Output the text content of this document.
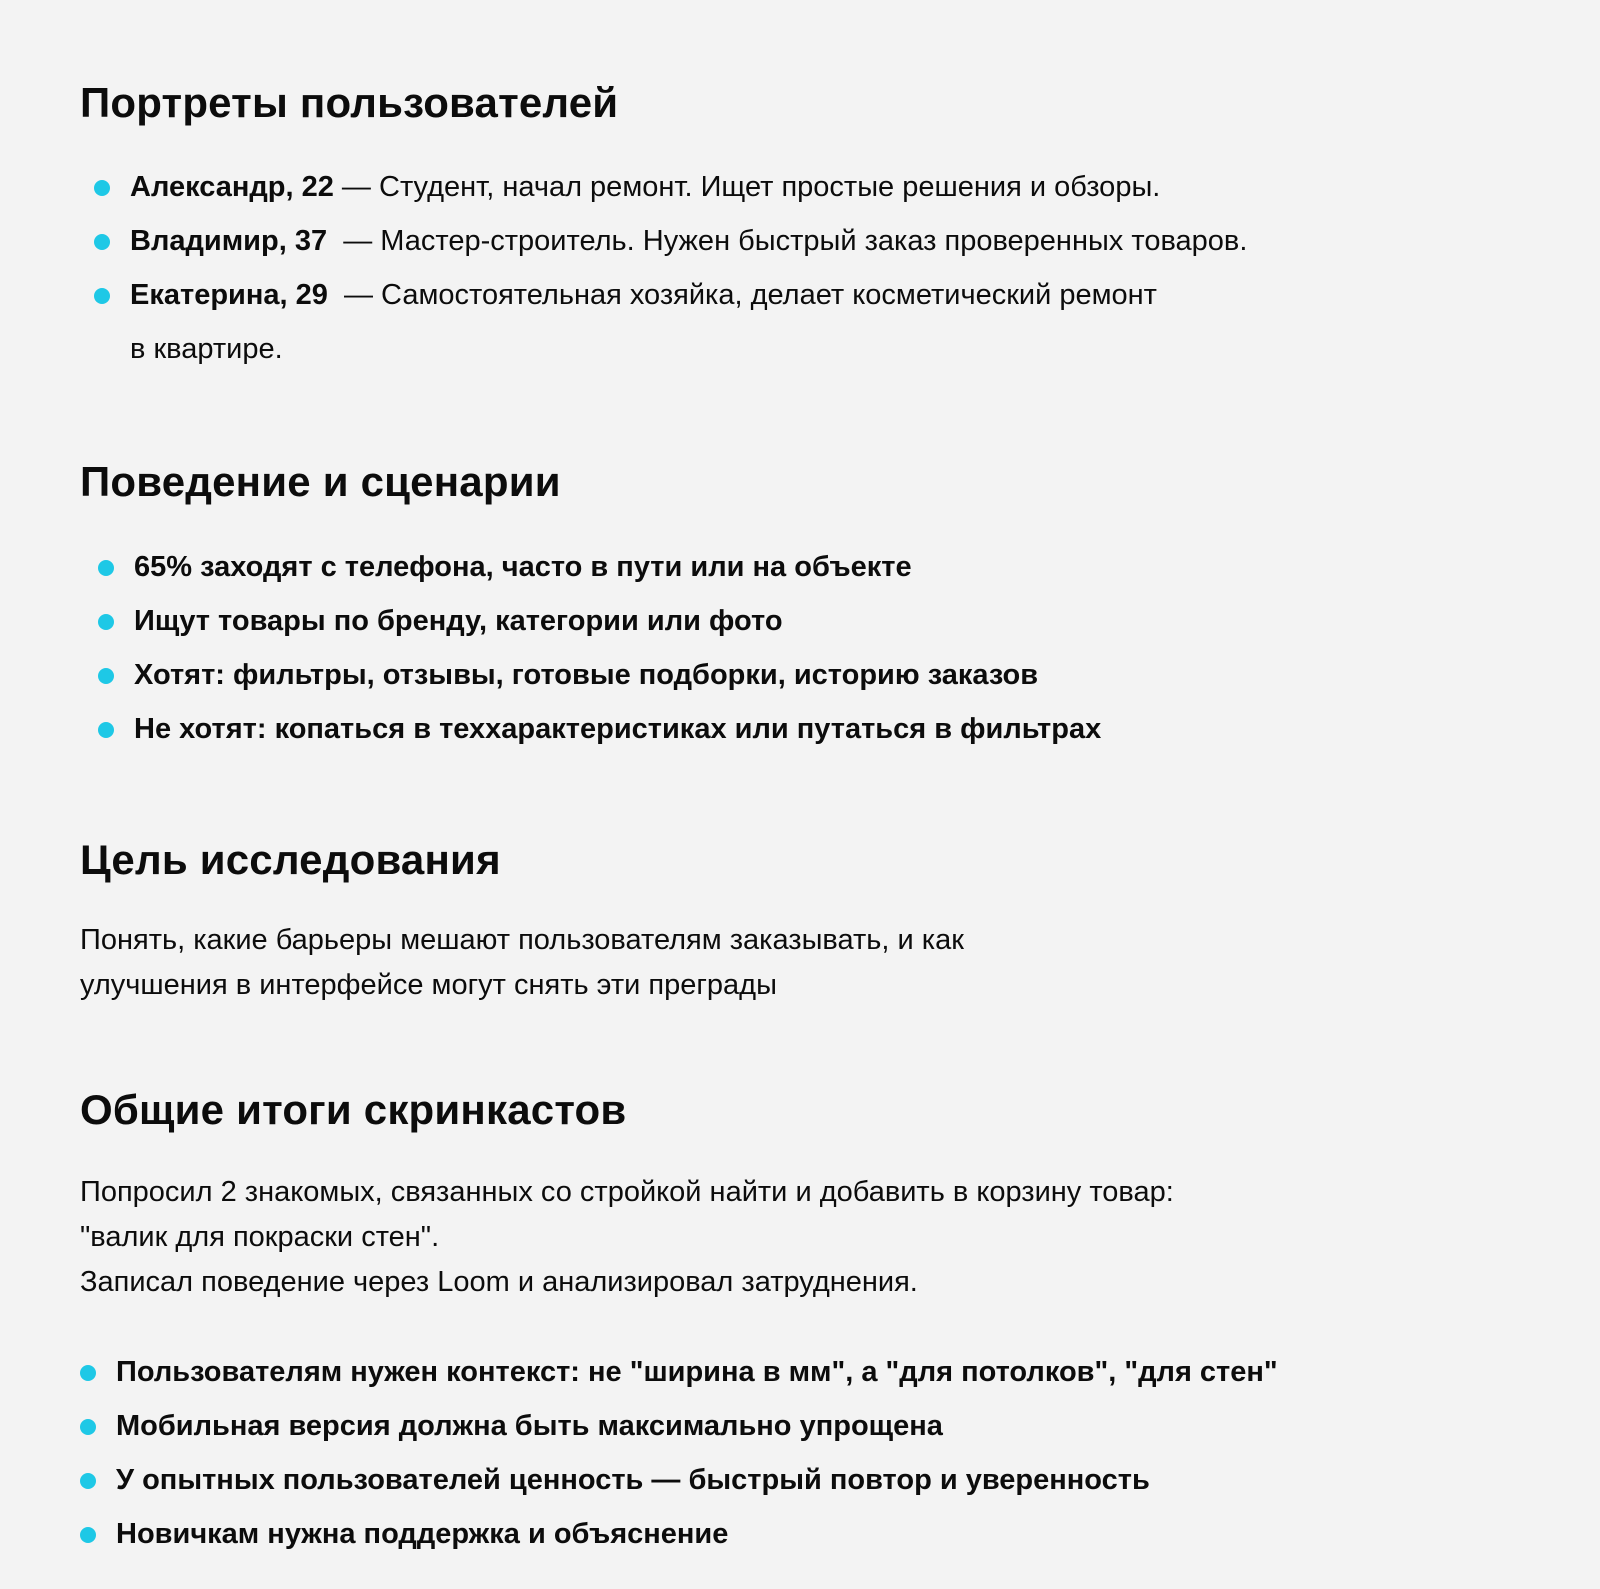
Портреты пользователей
Александр, 22 — Студент, начал ремонт. Ищет простые решения и обзоры.
Владимир, 37  — Мастер-строитель. Нужен быстрый заказ проверенных товаров.
Екатерина, 29  — Самостоятельная хозяйка, делает косметический ремонт
в квартире.
Поведение и сценарии
65% заходят с телефона, часто в пути или на объекте
Ищут товары по бренду, категории или фото
Хотят: фильтры, отзывы, готовые подборки, историю заказов
Не хотят: копаться в теххарактеристиках или путаться в фильтрах
Цель исследования

Понять, какие барьеры мешают пользователям заказывать, и как
улучшения в интерфейсе могут снять эти преграды

Общие итоги скринкастов

Попросил 2 знакомых, связанных со стройкой найти и добавить в корзину товар:
"валик для покраски стен".
Записал поведение через Loom и анализировал затруднения.

Пользователям нужен контекст: не "ширина в мм", а "для потолков", "для стен"
Мобильная версия должна быть максимально упрощена
У опытных пользователей ценность — быстрый повтор и уверенность
Новичкам нужна поддержка и объяснение
